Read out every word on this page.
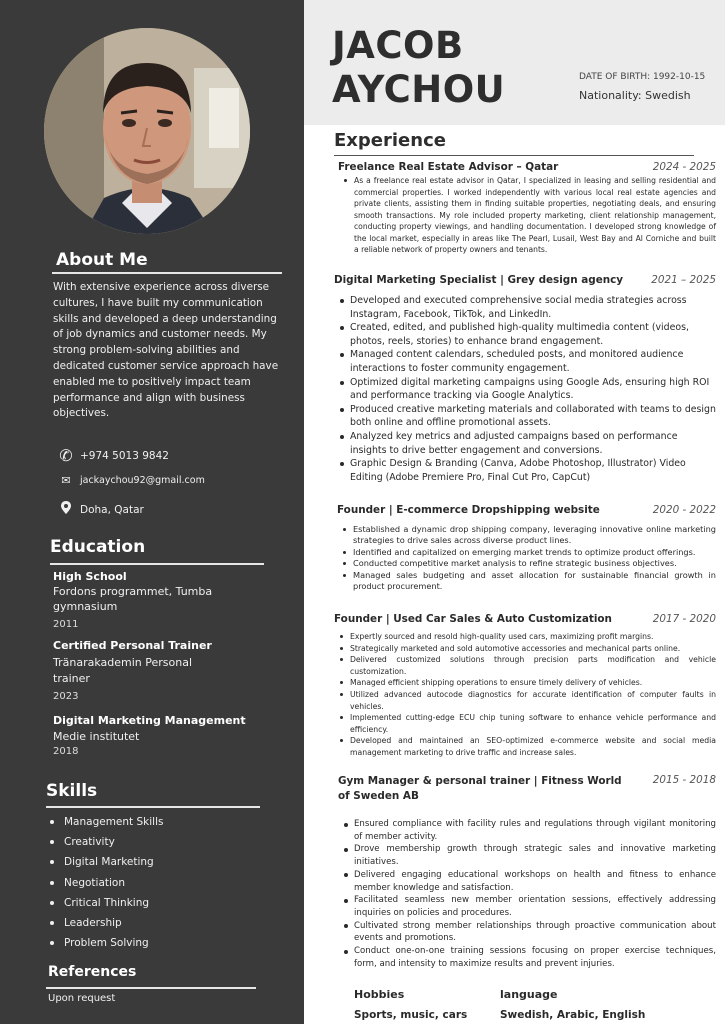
About Me
With extensive experience across diverse cultures, I have built my communication skills and developed a deep understanding of job dynamics and customer needs. My strong problem-solving abilities and dedicated customer service approach have enabled me to positively impact team performance and align with business objectives.
✆ +974 5013 9842
✉ jackaychou92@gmail.com
Doha, Qatar
Education
High School
Fordons programmet, Tumba gymnasium
2011
Certified Personal Trainer
Tränarakademin Personal trainer
2023
Digital Marketing Management
Medie institutet
2018
Skills
Management Skills
Creativity
Digital Marketing
Negotiation
Critical Thinking
Leadership
Problem Solving
References
Upon request
JACOB
AYCHOU	DATE OF BIRTH: 1992-10-15
Nationality: Swedish
Experience
Freelance Real Estate Advisor – Qatar	2024 - 2025
As a freelance real estate advisor in Qatar, I specialized in leasing and selling residential and commercial properties. I worked independently with various local real estate agencies and private clients, assisting them in finding suitable properties, negotiating deals, and ensuring smooth transactions. My role included property marketing, client relationship management, conducting property viewings, and handling documentation. I developed strong knowledge of the local market, especially in areas like The Pearl, Lusail, West Bay and Al Corniche and built a reliable network of property owners and tenants.
Digital Marketing Specialist | Grey design agency	2021 – 2025
Developed and executed comprehensive social media strategies across Instagram, Facebook, TikTok, and LinkedIn.
Created, edited, and published high-quality multimedia content (videos, photos, reels, stories) to enhance brand engagement.
Managed content calendars, scheduled posts, and monitored audience interactions to foster community engagement.
Optimized digital marketing campaigns using Google Ads, ensuring high ROI and performance tracking via Google Analytics.
Produced creative marketing materials and collaborated with teams to design both online and offline promotional assets.
Analyzed key metrics and adjusted campaigns based on performance insights to drive better engagement and conversions.
Graphic Design & Branding (Canva, Adobe Photoshop, Illustrator) Video Editing (Adobe Premiere Pro, Final Cut Pro, CapCut)
Founder | E-commerce Dropshipping website	2020 - 2022
Established a dynamic drop shipping company, leveraging innovative online marketing strategies to drive sales across diverse product lines.
Identified and capitalized on emerging market trends to optimize product offerings.
Conducted competitive market analysis to refine strategic business objectives.
Managed sales budgeting and asset allocation for sustainable financial growth in product procurement.
Founder | Used Car Sales & Auto Customization	2017 - 2020
Expertly sourced and resold high-quality used cars, maximizing profit margins.
Strategically marketed and sold automotive accessories and mechanical parts online.
Delivered customized solutions through precision parts modification and vehicle customization.
Managed efficient shipping operations to ensure timely delivery of vehicles.
Utilized advanced autocode diagnostics for accurate identification of computer faults in vehicles.
Implemented cutting-edge ECU chip tuning software to enhance vehicle performance and efficiency.
Developed and maintained an SEO-optimized e-commerce website and social media management marketing to drive traffic and increase sales.
Gym Manager & personal trainer | Fitness World of Sweden AB
2015 - 2018
Ensured compliance with facility rules and regulations through vigilant monitoring of member activity.
Drove membership growth through strategic sales and innovative marketing initiatives.
Delivered engaging educational workshops on health and fitness to enhance member knowledge and satisfaction.
Facilitated seamless new member orientation sessions, effectively addressing inquiries on policies and procedures.
Cultivated strong member relationships through proactive communication about events and promotions.
Conduct one-on-one training sessions focusing on proper exercise techniques, form, and intensity to maximize results and prevent injuries.
Hobbies
Sports, music, cars
language
Swedish, Arabic, English
